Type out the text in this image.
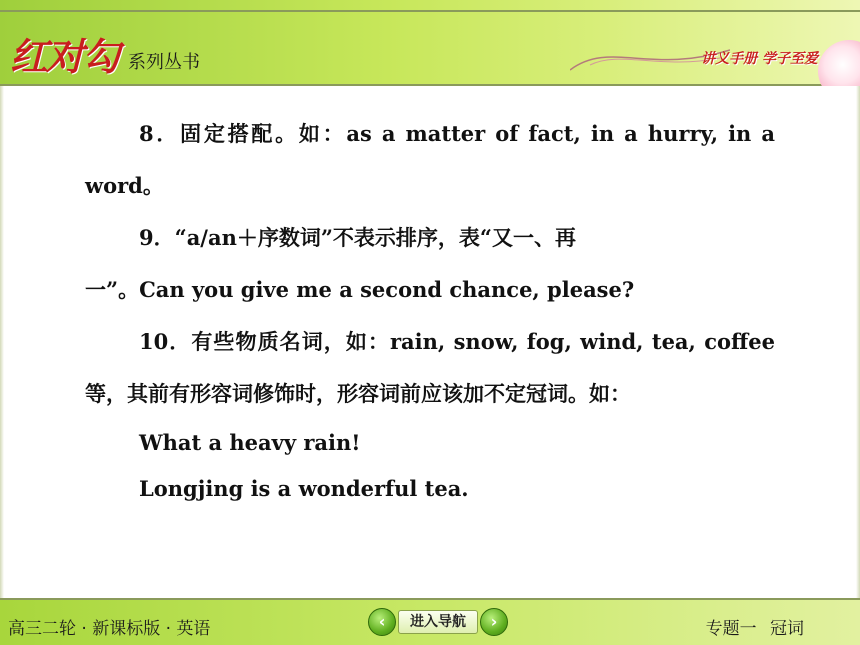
红对勾 系列丛书	讲义手册 学子至爱

8．固定搭配。如：as a matter of fact, in a hurry, in a word。

9．“a/an＋序数词”不表示排序，表“又一、再

一”。Can you give me a second chance, please?

10．有些物质名词，如：rain, snow, fog, wind, tea, coffee　等，其前有形容词修饰时，形容词前应该加不定冠词。如：

What a heavy rain!

Longjing is a wonderful tea.

高三二轮 · 新课标版 · 英语	专题一 冠词
‹	进入导航	›
